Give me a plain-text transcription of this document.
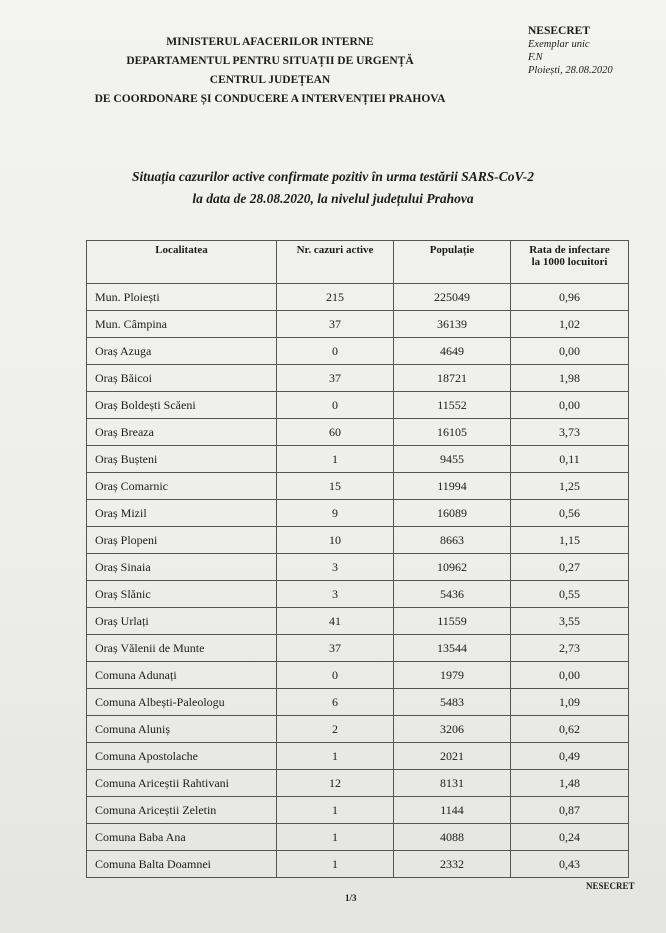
MINISTERUL AFACERILOR INTERNE
DEPARTAMENTUL PENTRU SITUAȚII DE URGENȚĂ
CENTRUL JUDEȚEAN
DE COORDONARE ȘI CONDUCERE A INTERVENȚIEI PRAHOVA
NESECRET
Exemplar unic
F.N
Ploiești, 28.08.2020
Situația cazurilor active confirmate pozitiv în urma testării SARS-CoV-2
la data de 28.08.2020, la nivelul județului Prahova
Localitatea	Nr. cazuri active	Populație	Rata de infectare
la 1000 locuitori

Mun. Ploiești	215	225049	0,96
Mun. Câmpina	37	36139	1,02
Oraș Azuga	0	4649	0,00
Oraș Băicoi	37	18721	1,98
Oraș Boldești Scăeni	0	11552	0,00
Oraș Breaza	60	16105	3,73
Oraș Bușteni	1	9455	0,11
Oraș Comarnic	15	11994	1,25
Oraș Mizil	9	16089	0,56
Oraș Plopeni	10	8663	1,15
Oraș Sinaia	3	10962	0,27
Oraș Slănic	3	5436	0,55
Oraș Urlați	41	11559	3,55
Oraș Vălenii de Munte	37	13544	2,73
Comuna Adunați	0	1979	0,00
Comuna Albești-Paleologu	6	5483	1,09
Comuna Aluniș	2	3206	0,62
Comuna Apostolache	1	2021	0,49
Comuna Ariceștii Rahtivani	12	8131	1,48
Comuna Ariceștii Zeletin	1	1144	0,87
Comuna Baba Ana	1	4088	0,24
Comuna Balta Doamnei	1	2332	0,43
NESECRET
1/3
